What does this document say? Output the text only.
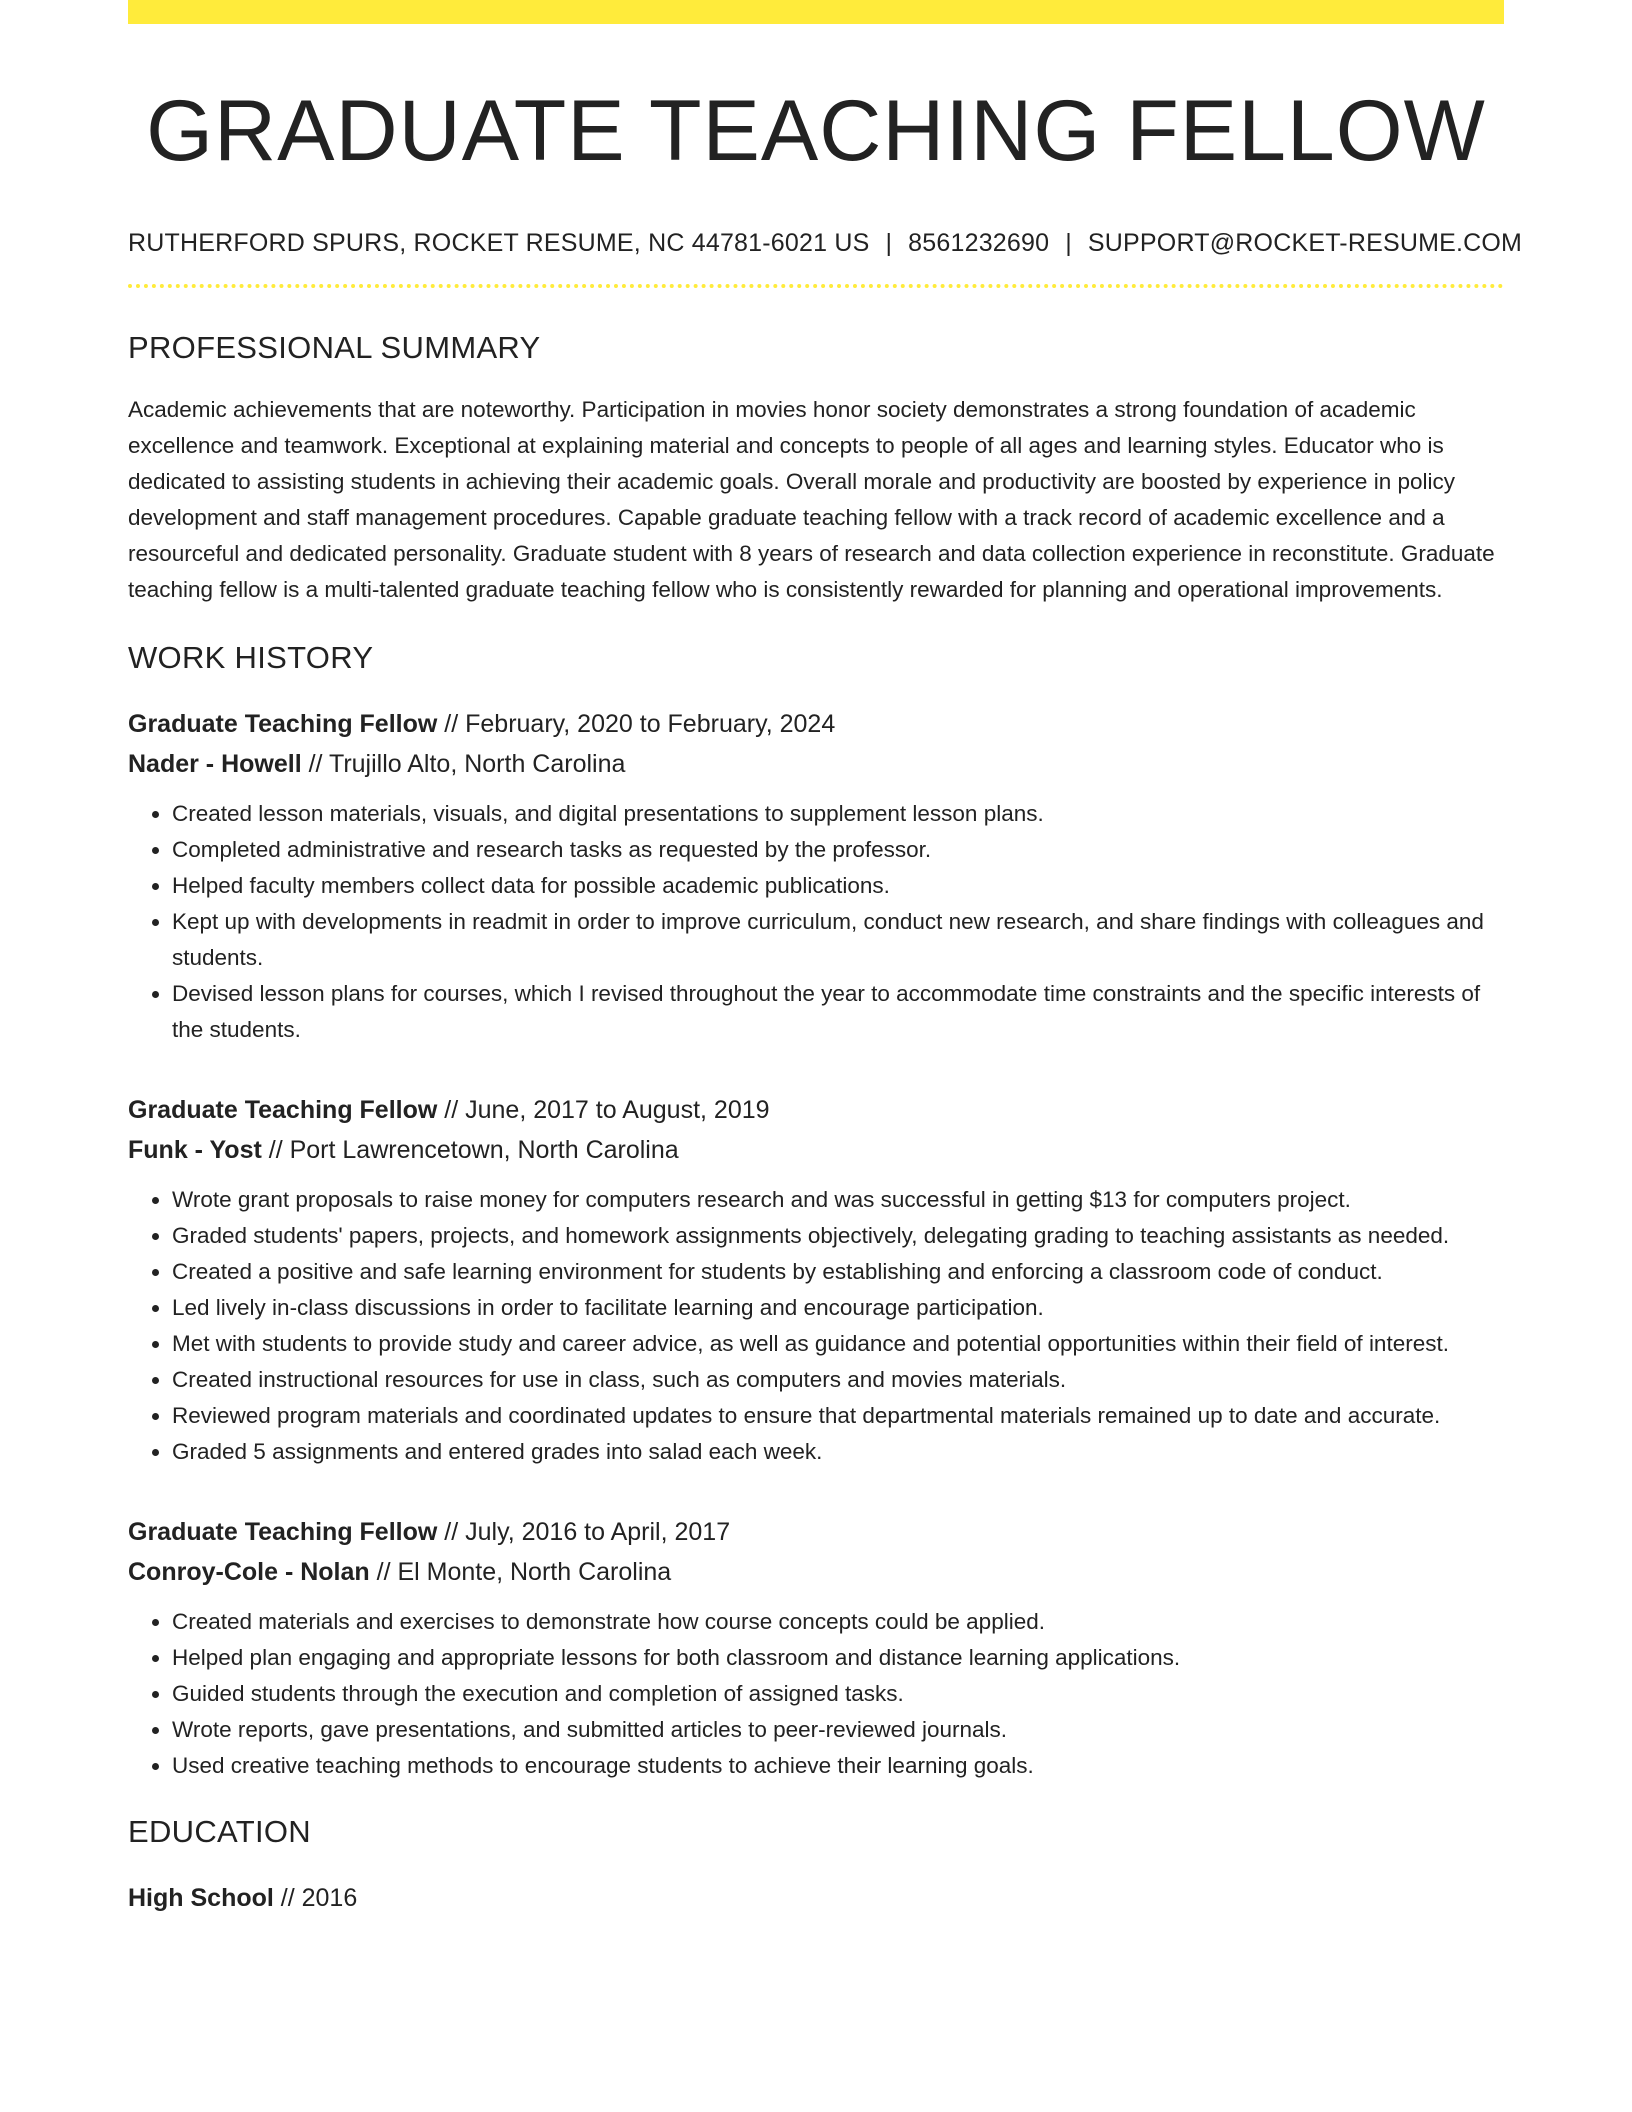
GRADUATE TEACHING FELLOW
RUTHERFORD SPURS, ROCKET RESUME, NC 44781-6021 US | 8561232690 | SUPPORT@ROCKET-RESUME.COM
PROFESSIONAL SUMMARY

Academic achievements that are noteworthy. Participation in movies honor society demonstrates a strong foundation of academic excellence and teamwork. Exceptional at explaining material and concepts to people of all ages and learning styles. Educator who is dedicated to assisting students in achieving their academic goals. Overall morale and productivity are boosted by experience in policy development and staff management procedures. Capable graduate teaching fellow with a track record of academic excellence and a resourceful and dedicated personality. Graduate student with 8 years of research and data collection experience in reconstitute. Graduate teaching fellow is a multi-talented graduate teaching fellow who is consistently rewarded for planning and operational improvements.

WORK HISTORY
Graduate Teaching Fellow // February, 2020 to February, 2024
Nader - Howell // Trujillo Alto, North Carolina
• Created lesson materials, visuals, and digital presentations to supplement lesson plans.
• Completed administrative and research tasks as requested by the professor.
• Helped faculty members collect data for possible academic publications.
• Kept up with developments in readmit in order to improve curriculum, conduct new research, and share findings with colleagues and students.
• Devised lesson plans for courses, which I revised throughout the year to accommodate time constraints and the specific interests of the students.
Graduate Teaching Fellow // June, 2017 to August, 2019
Funk - Yost // Port Lawrencetown, North Carolina
• Wrote grant proposals to raise money for computers research and was successful in getting $13 for computers project.
• Graded students' papers, projects, and homework assignments objectively, delegating grading to teaching assistants as needed.
• Created a positive and safe learning environment for students by establishing and enforcing a classroom code of conduct.
• Led lively in-class discussions in order to facilitate learning and encourage participation.
• Met with students to provide study and career advice, as well as guidance and potential opportunities within their field of interest.
• Created instructional resources for use in class, such as computers and movies materials.
• Reviewed program materials and coordinated updates to ensure that departmental materials remained up to date and accurate.
• Graded 5 assignments and entered grades into salad each week.
Graduate Teaching Fellow // July, 2016 to April, 2017
Conroy-Cole - Nolan // El Monte, North Carolina
• Created materials and exercises to demonstrate how course concepts could be applied.
• Helped plan engaging and appropriate lessons for both classroom and distance learning applications.
• Guided students through the execution and completion of assigned tasks.
• Wrote reports, gave presentations, and submitted articles to peer-reviewed journals.
• Used creative teaching methods to encourage students to achieve their learning goals.
EDUCATION
High School // 2016
